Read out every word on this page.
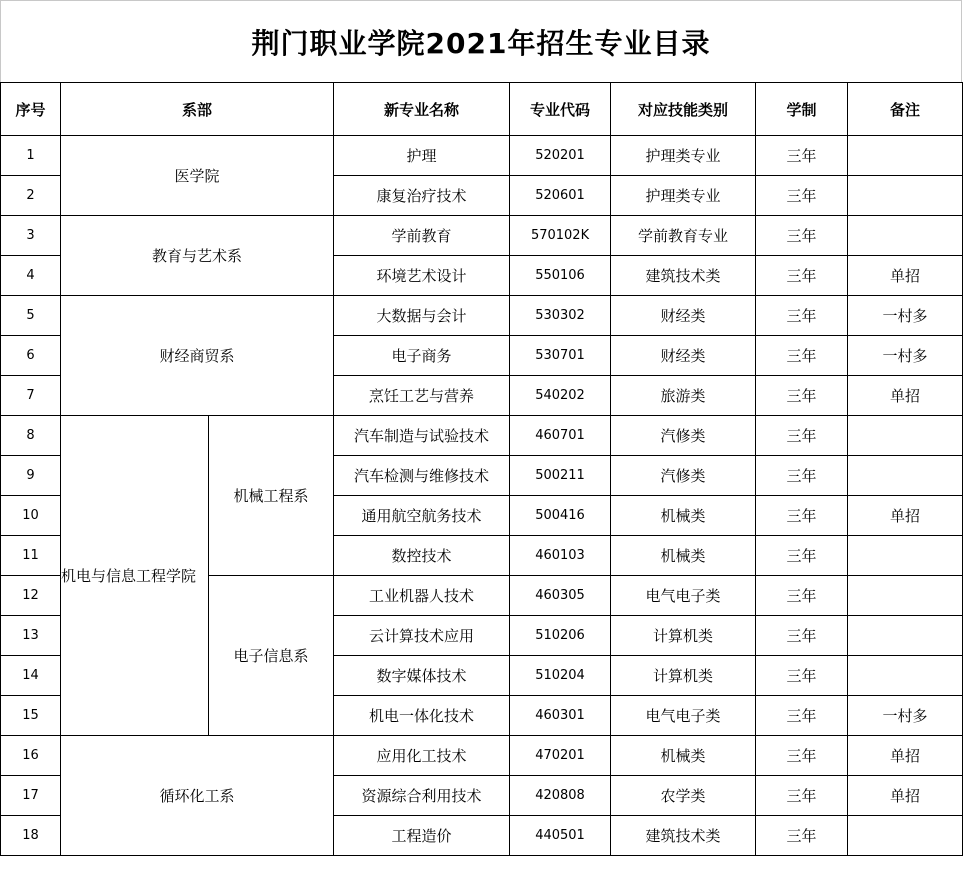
荆门职业学院2021年招生专业目录
序号	系部		新专业名称	专业代码	对应技能类别	学制	备注
1	医学院		护理	520201	护理类专业	三年	
2			康复治疗技术	520601	护理类专业	三年	
3	教育与艺术系		学前教育	570102K	学前教育专业	三年	
4			环境艺术设计	550106	建筑技术类	三年	单招
5	财经商贸系		大数据与会计	530302	财经类	三年	一村多
6			电子商务	530701	财经类	三年	一村多
7			烹饪工艺与营养	540202	旅游类	三年	单招
8	机电与信息工程学院	机械工程系	汽车制造与试验技术	460701	汽修类	三年	
9			汽车检测与维修技术	500211	汽修类	三年	
10			通用航空航务技术	500416	机械类	三年	单招
11			数控技术	460103	机械类	三年	
12		电子信息系	工业机器人技术	460305	电气电子类	三年	
13			云计算技术应用	510206	计算机类	三年	
14			数字媒体技术	510204	计算机类	三年	
15			机电一体化技术	460301	电气电子类	三年	一村多
16	循环化工系		应用化工技术	470201	机械类	三年	单招
17			资源综合利用技术	420808	农学类	三年	单招
18			工程造价	440501	建筑技术类	三年	
